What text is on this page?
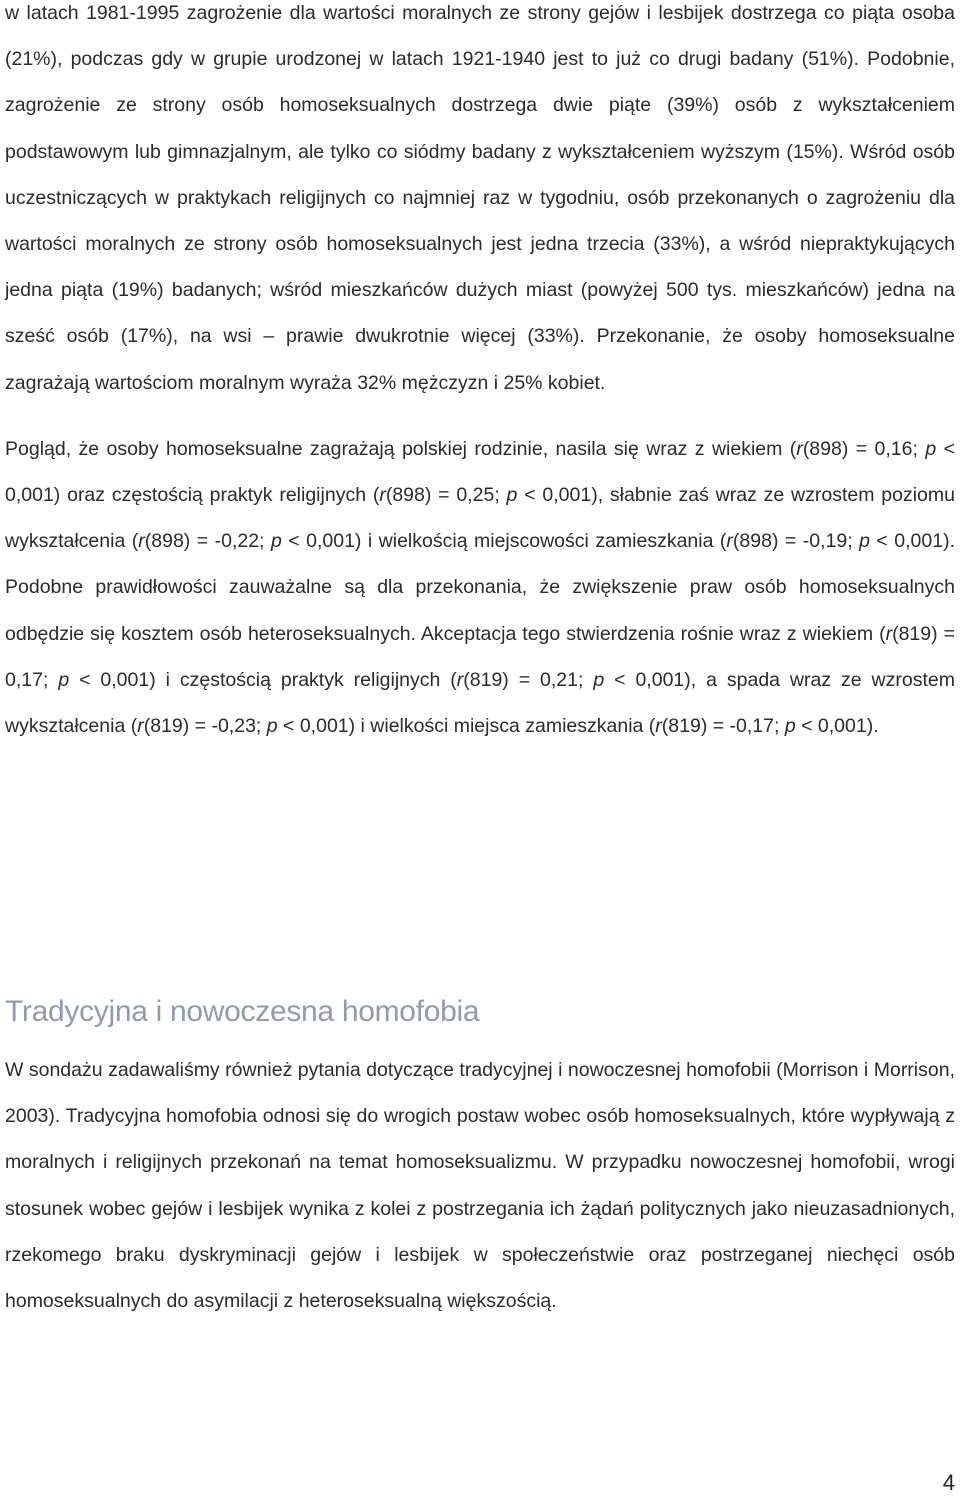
w latach 1981-1995 zagrożenie dla wartości moralnych ze strony gejów i lesbijek dostrzega co piąta osoba (21%), podczas gdy w grupie urodzonej w latach 1921-1940 jest to już co drugi badany (51%). Podobnie, zagrożenie ze strony osób homoseksualnych dostrzega dwie piąte (39%) osób z wykształceniem podstawowym lub gimnazjalnym, ale tylko co siódmy badany z wykształceniem wyższym (15%). Wśród osób uczestniczących w praktykach religijnych co najmniej raz w tygodniu, osób przekonanych o zagrożeniu dla wartości moralnych ze strony osób homoseksualnych jest jedna trzecia (33%), a wśród niepraktykujących jedna piąta (19%) badanych; wśród mieszkańców dużych miast (powyżej 500 tys. mieszkańców) jedna na sześć osób (17%), na wsi – prawie dwukrotnie więcej (33%). Przekonanie, że osoby homoseksualne zagrażają wartościom moralnym wyraża 32% mężczyzn i 25% kobiet.

Pogląd, że osoby homoseksualne zagrażają polskiej rodzinie, nasila się wraz z wiekiem (r(898) = 0,16; p < 0,001) oraz częstością praktyk religijnych (r(898) = 0,25; p < 0,001), słabnie zaś wraz ze wzrostem poziomu wykształcenia (r(898) = -0,22; p < 0,001) i wielkością miejscowości zamieszkania (r(898) = -0,19; p < 0,001). Podobne prawidłowości zauważalne są dla przekonania, że zwiększenie praw osób homoseksualnych odbędzie się kosztem osób heteroseksualnych. Akceptacja tego stwierdzenia rośnie wraz z wiekiem (r(819) = 0,17; p < 0,001) i częstością praktyk religijnych (r(819) = 0,21; p < 0,001), a spada wraz ze wzrostem wykształcenia (r(819) = -0,23; p < 0,001) i wielkości miejsca zamieszkania (r(819) = -0,17; p < 0,001).

Tradycyjna i nowoczesna homofobia

W sondażu zadawaliśmy również pytania dotyczące tradycyjnej i nowoczesnej homofobii (Morrison i Morrison, 2003). Tradycyjna homofobia odnosi się do wrogich postaw wobec osób homoseksualnych, które wypływają z moralnych i religijnych przekonań na temat homoseksualizmu. W przypadku nowoczesnej homofobii, wrogi stosunek wobec gejów i lesbijek wynika z kolei z postrzegania ich żądań politycznych jako nieuzasadnionych, rzekomego braku dyskryminacji gejów i lesbijek w społeczeństwie oraz postrzeganej niechęci osób homoseksualnych do asymilacji z heteroseksualną większością.

4
